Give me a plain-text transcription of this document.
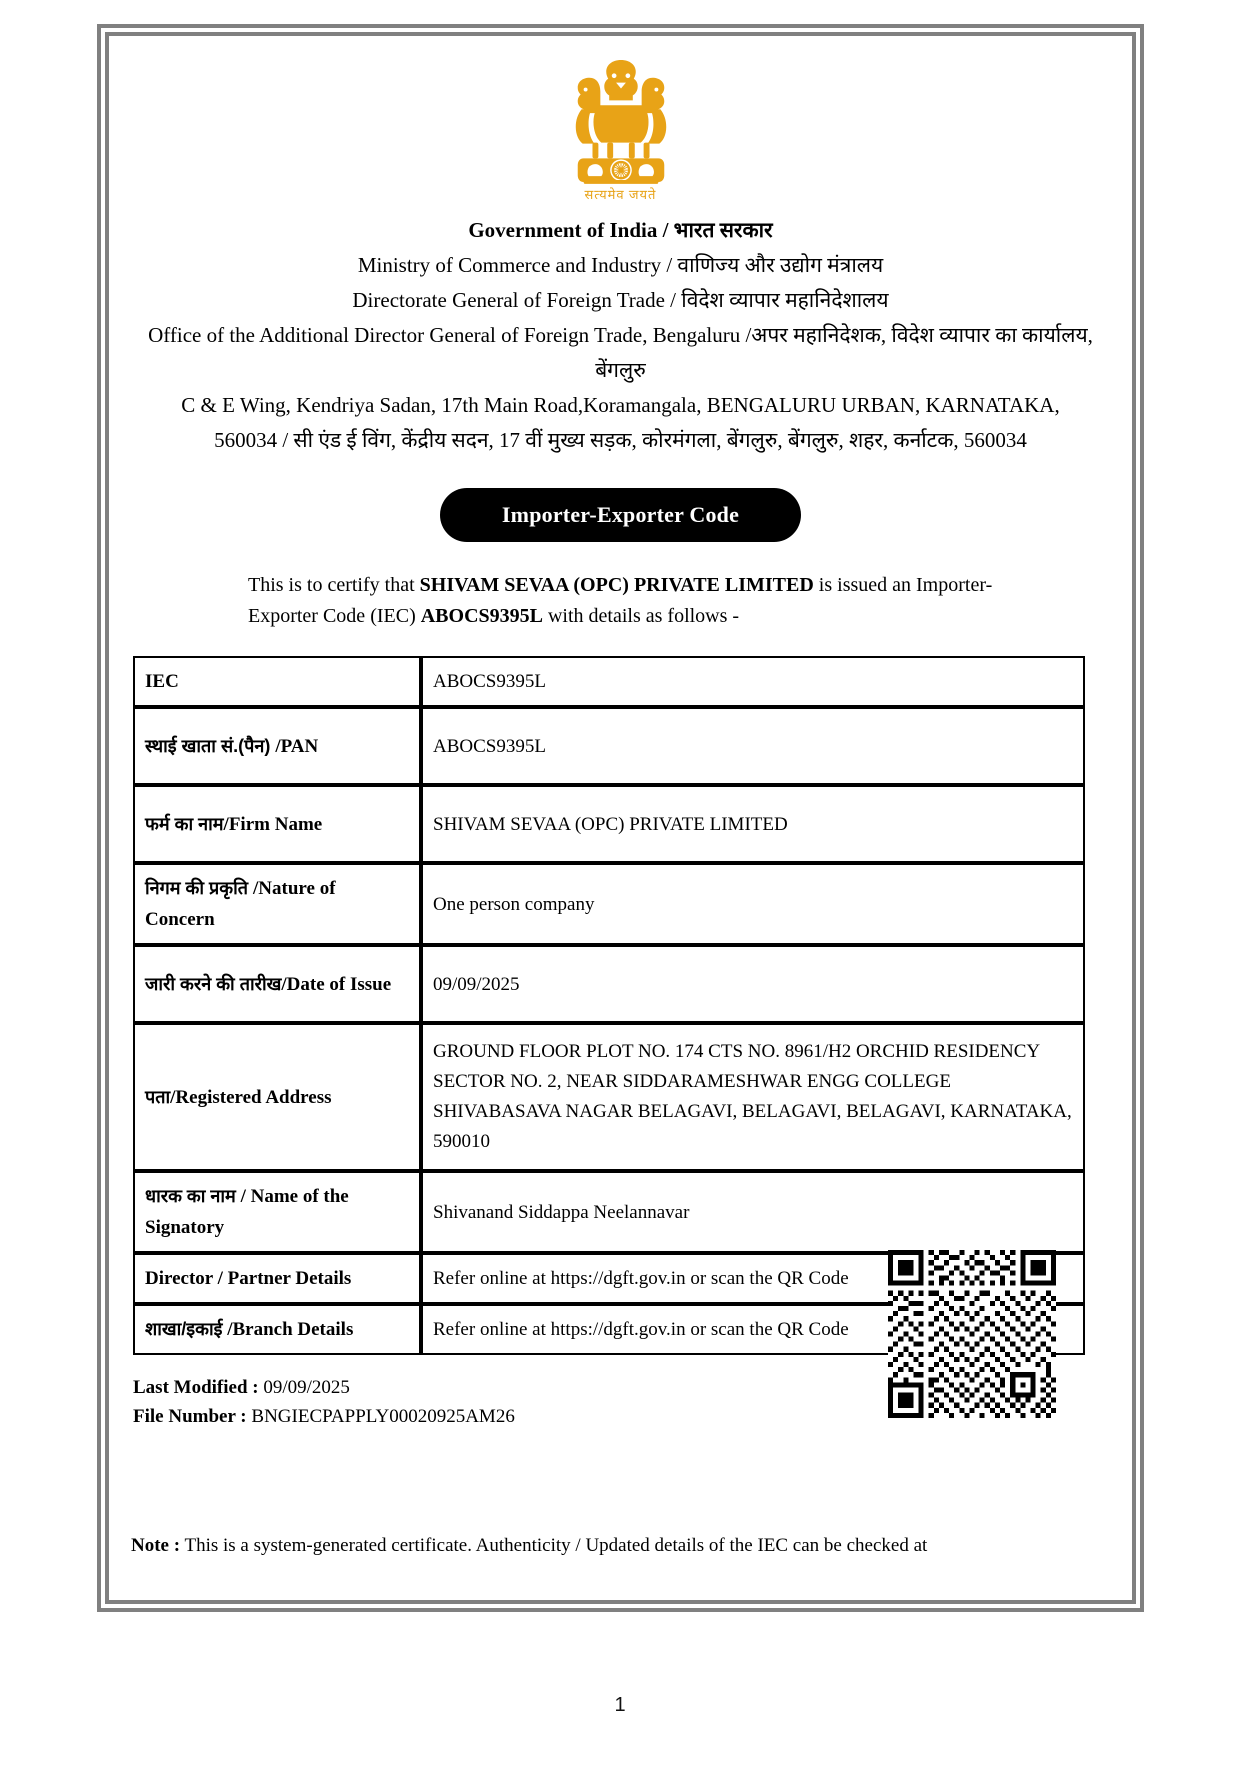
सत्यमेव जयते
Government of India / भारत सरकार
Ministry of Commerce and Industry / वाणिज्य और उद्योग मंत्रालय
Directorate General of Foreign Trade / विदेश व्यापार महानिदेशालय
Office of the Additional Director General of Foreign Trade, Bengaluru /अपर महानिदेशक, विदेश व्यापार का कार्यालय,
बेंगलुरु
C & E Wing, Kendriya Sadan, 17th Main Road,Koramangala, BENGALURU URBAN, KARNATAKA,
560034 / सी एंड ई विंग, केंद्रीय सदन, 17 वीं मुख्य सड़क, कोरमंगला, बेंगलुरु, बेंगलुरु, शहर, कर्नाटक, 560034
Importer-Exporter Code
This is to certify that SHIVAM SEVAA (OPC) PRIVATE LIMITED is issued an Importer-Exporter Code (IEC) ABOCS9395L with details as follows -
IEC	ABOCS9395L
स्थाई खाता सं.(पैन) /PAN	ABOCS9395L
फर्म का नाम/Firm Name	SHIVAM SEVAA (OPC) PRIVATE LIMITED
निगम की प्रकृति /Nature of Concern	One person company
जारी करने की तारीख/Date of Issue	09/09/2025
पता/Registered Address	GROUND FLOOR PLOT NO. 174 CTS NO. 8961/H2 ORCHID RESIDENCY SECTOR NO. 2, NEAR SIDDARAMESHWAR ENGG COLLEGE SHIVABASAVA NAGAR BELAGAVI, BELAGAVI, BELAGAVI, KARNATAKA, 590010
धारक का नाम / Name of the Signatory	Shivanand Siddappa Neelannavar
Director / Partner Details	Refer online at https://dgft.gov.in or scan the QR Code
शाखा/इकाई /Branch Details	Refer online at https://dgft.gov.in or scan the QR Code
Last Modified : 09/09/2025
File Number : BNGIECPAPPLY00020925AM26
Note : This is a system-generated certificate. Authenticity / Updated details of the IEC can be checked at
1
